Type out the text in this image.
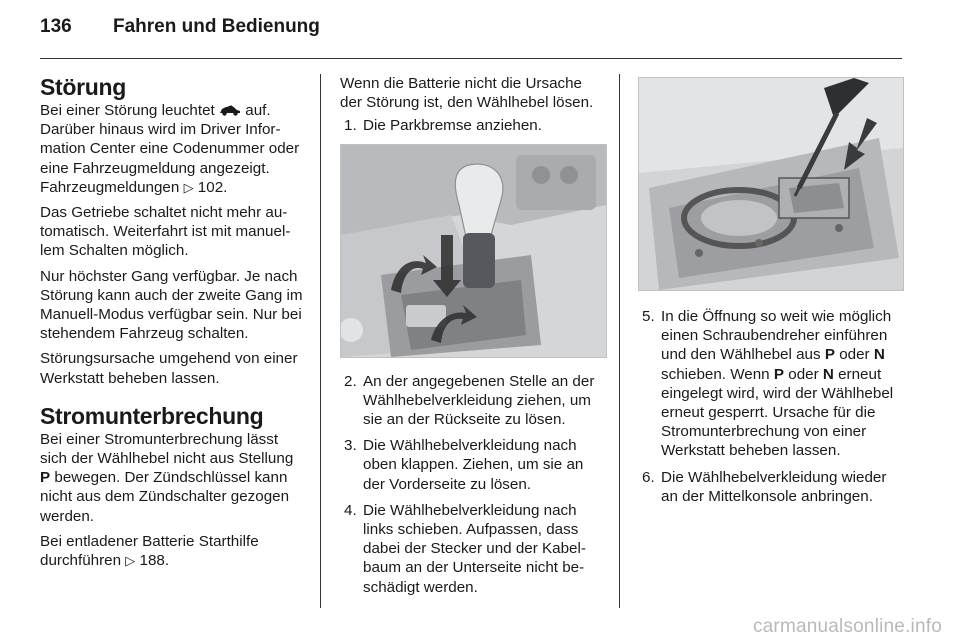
136 Fahren und Bedienung
Störung

Bei einer Störung leuchtet auf. Darüber hinaus wird im Driver Information Center eine Codenummer oder eine Fahrzeugmeldung angezeigt. Fahrzeugmeldungen ▷ 102.

Das Getriebe schaltet nicht mehr automatisch. Weiterfahrt ist mit manuellem Schalten möglich.

Nur höchster Gang verfügbar. Je nach Störung kann auch der zweite Gang im Manuell-Modus verfügbar sein. Nur bei stehendem Fahrzeug schalten.

Störungsursache umgehend von einer Werkstatt beheben lassen.

Stromunterbrechung

Bei einer Stromunterbrechung lässt sich der Wählhebel nicht aus Stellung P bewegen. Der Zündschlüssel kann nicht aus dem Zündschalter gezogen werden.

Bei entladener Batterie Starthilfe durchführen ▷ 188.

Wenn die Batterie nicht die Ursache der Störung ist, den Wählhebel lösen.

1. Die Parkbremse anziehen.
2. An der angegebenen Stelle an der Wählhebelverkleidung ziehen, um sie an der Rückseite zu lösen.
3. Die Wählhebelverkleidung nach oben klappen. Ziehen, um sie an der Vorderseite zu lösen.
4. Die Wählhebelverkleidung nach links schieben. Aufpassen, dass dabei der Stecker und der Kabelbaum an der Unterseite nicht beschädigt werden.
5. In die Öffnung so weit wie möglich einen Schraubendreher einführen und den Wählhebel aus P oder N schieben. Wenn P oder N erneut eingelegt wird, wird der Wählhebel erneut gesperrt. Ursache für die Stromunterbrechung von einer Werkstatt beheben lassen.
6. Die Wählhebelverkleidung wieder an der Mittelkonsole anbringen.
carmanualsonline.info
